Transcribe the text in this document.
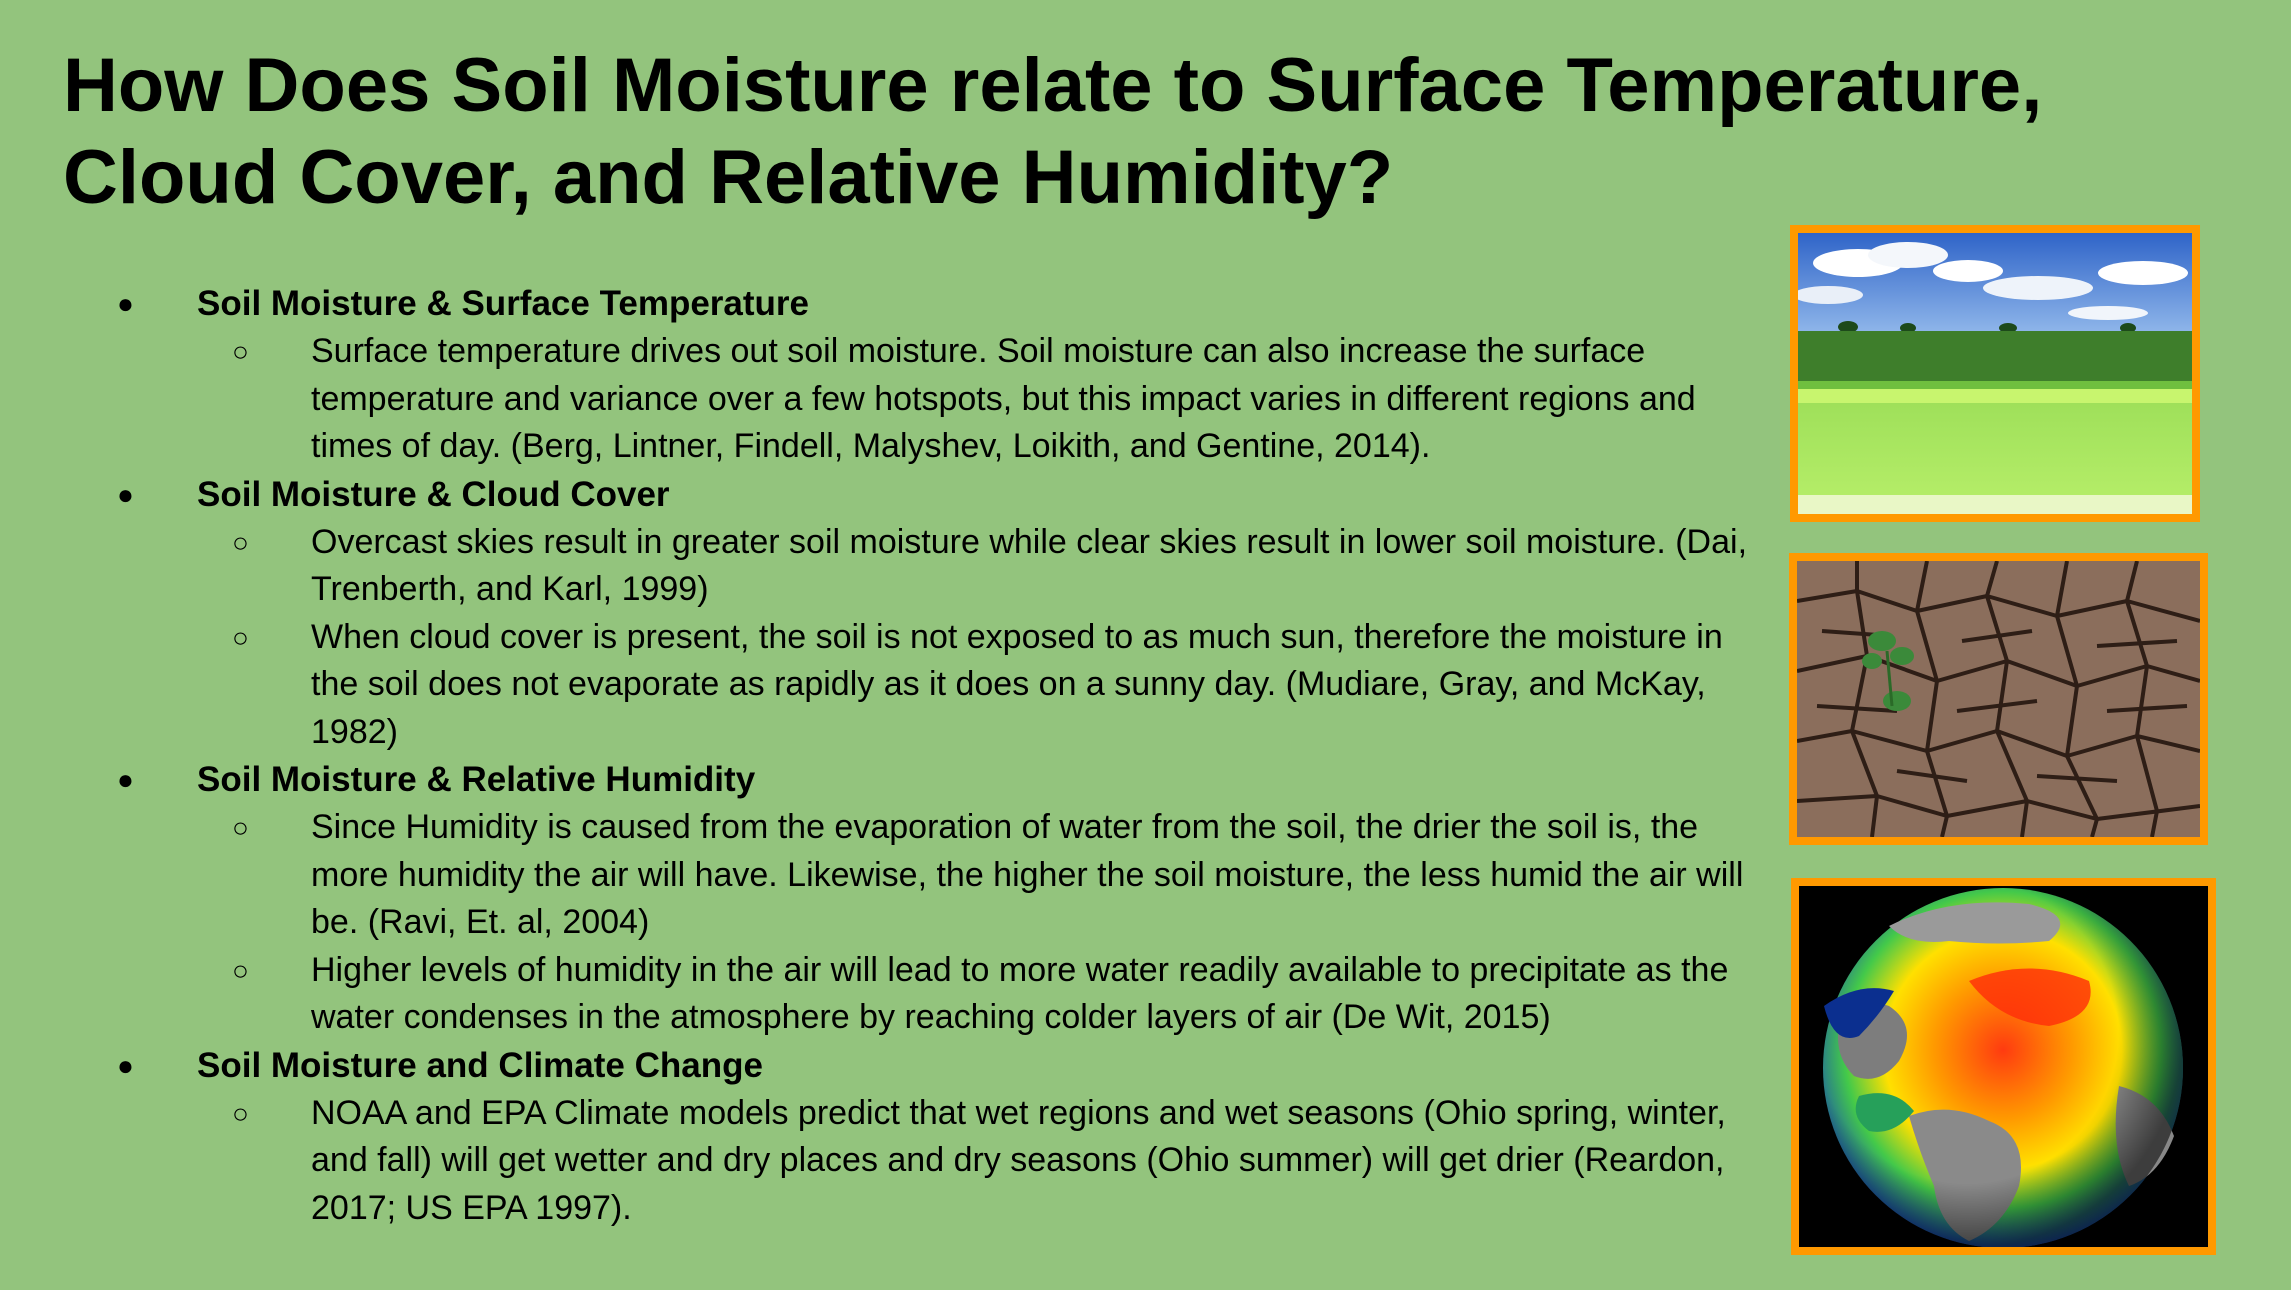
How Does Soil Moisture relate to Surface Temperature, Cloud Cover, and Relative Humidity?
● Soil Moisture & Surface Temperature
○ Surface temperature drives out soil moisture. Soil moisture can also increase the surface temperature and variance over a few hotspots, but this impact varies in different regions and times of day. (Berg, Lintner, Findell, Malyshev, Loikith, and Gentine, 2014).
● Soil Moisture & Cloud Cover
○ Overcast skies result in greater soil moisture while clear skies result in lower soil moisture. (Dai, Trenberth, and Karl, 1999)
○ When cloud cover is present, the soil is not exposed to as much sun, therefore the moisture in the soil does not evaporate as rapidly as it does on a sunny day. (Mudiare, Gray, and McKay, 1982)
● Soil Moisture & Relative Humidity
○ Since Humidity is caused from the evaporation of water from the soil, the drier the soil is, the more humidity the air will have. Likewise, the higher the soil moisture, the less humid the air will be. (Ravi, Et. al, 2004)
○ Higher levels of humidity in the air will lead to more water readily available to precipitate as the water condenses in the atmosphere by reaching colder layers of air (De Wit, 2015)
● Soil Moisture and Climate Change
○ NOAA and EPA Climate models predict that wet regions and wet seasons (Ohio spring, winter, and fall) will get wetter and dry places and dry seasons (Ohio summer) will get drier (Reardon, 2017; US EPA 1997).
